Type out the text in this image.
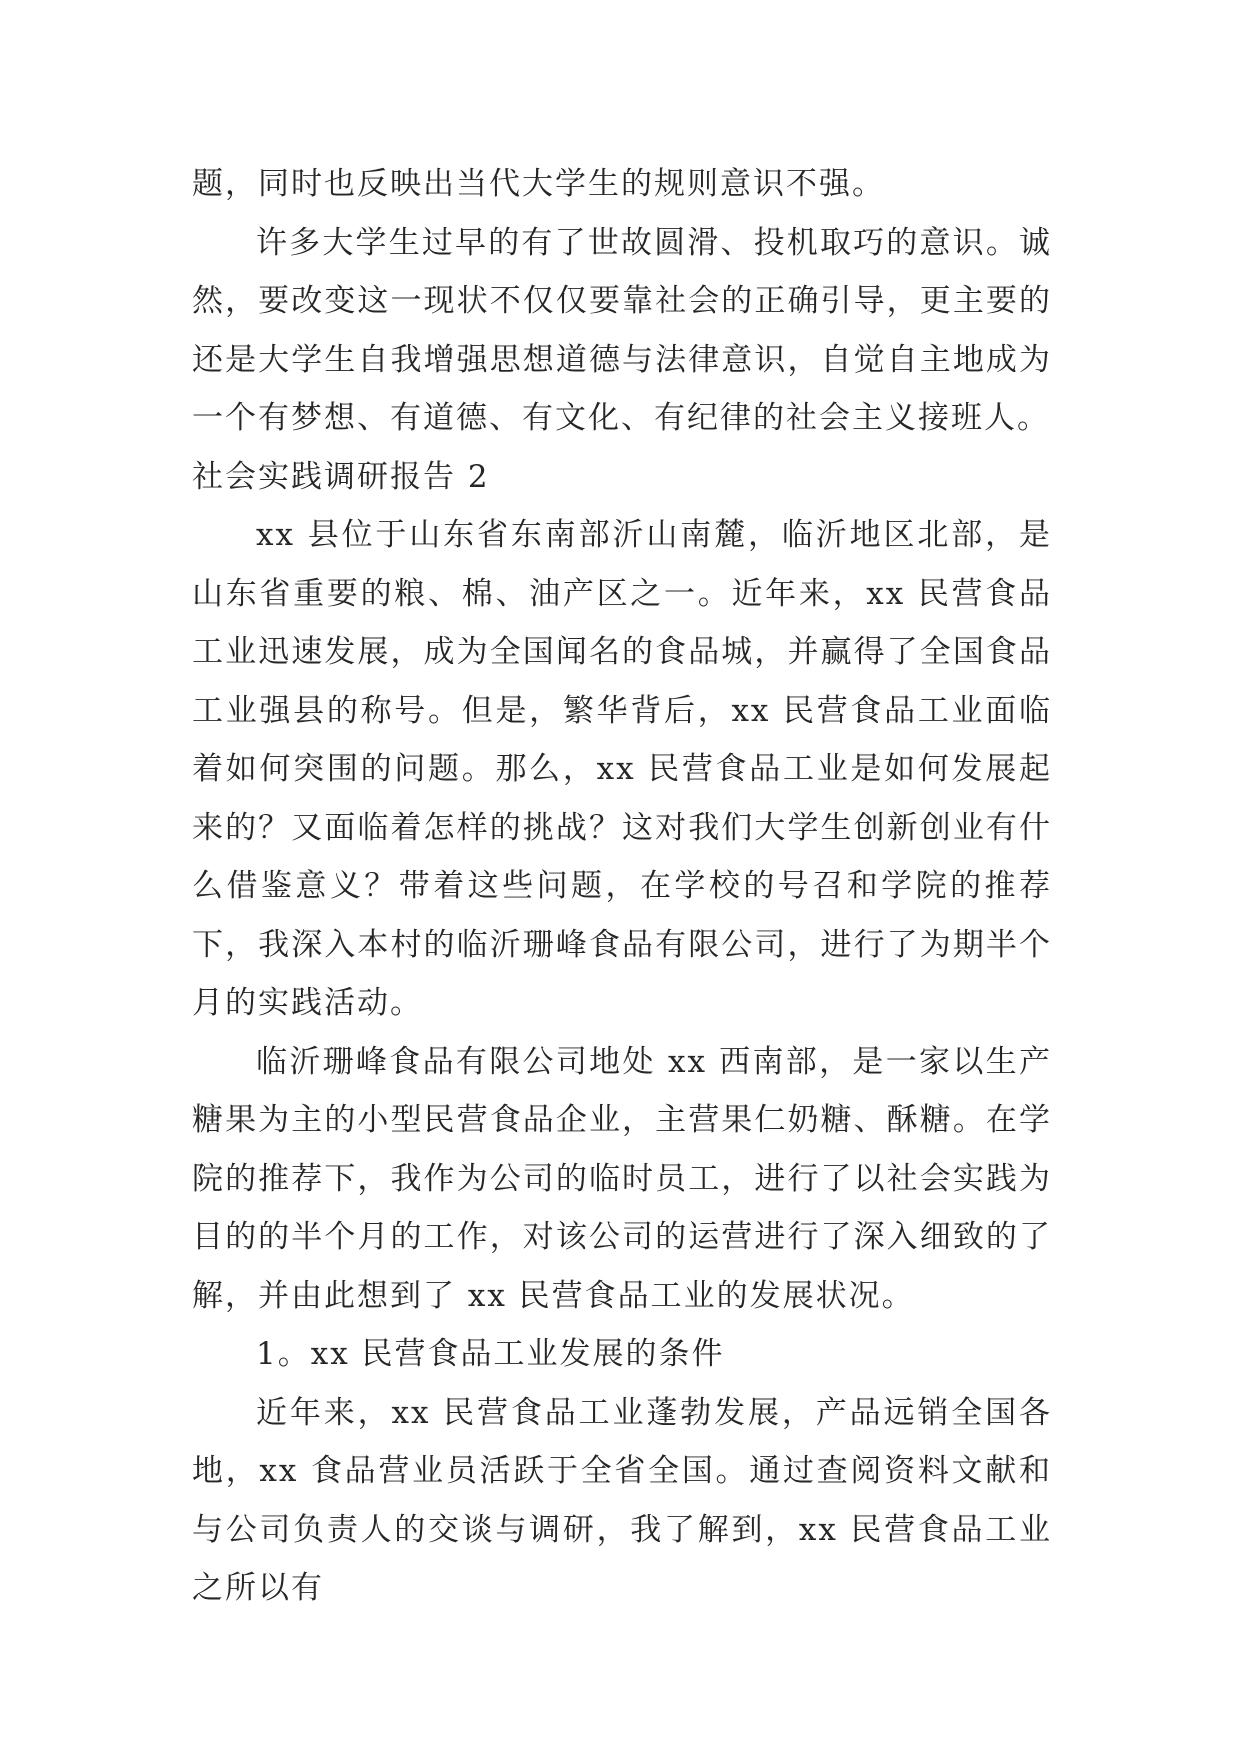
题，同时也反映出当代大学生的规则意识不强。

许多大学生过早的有了世故圆滑、投机取巧的意识。诚然，要改变这一现状不仅仅要靠社会的正确引导，更主要的还是大学生自我增强思想道德与法律意识，自觉自主地成为一个有梦想、有道德、有文化、有纪律的社会主义接班人。

社会实践调研报告 2

xx 县位于山东省东南部沂山南麓，临沂地区北部，是山东省重要的粮、棉、油产区之一。近年来，xx 民营食品工业迅速发展，成为全国闻名的食品城，并赢得了全国食品工业强县的称号。但是，繁华背后，xx 民营食品工业面临着如何突围的问题。那么，xx 民营食品工业是如何发展起来的？又面临着怎样的挑战？这对我们大学生创新创业有什么借鉴意义？带着这些问题，在学校的号召和学院的推荐下，我深入本村的临沂珊峰食品有限公司，进行了为期半个月的实践活动。

临沂珊峰食品有限公司地处 xx 西南部，是一家以生产糖果为主的小型民营食品企业，主营果仁奶糖、酥糖。在学院的推荐下，我作为公司的临时员工，进行了以社会实践为目的的半个月的工作，对该公司的运营进行了深入细致的了解，并由此想到了 xx 民营食品工业的发展状况。

1。xx 民营食品工业发展的条件

近年来，xx 民营食品工业蓬勃发展，产品远销全国各地，xx 食品营业员活跃于全省全国。通过查阅资料文献和与公司负责人的交谈与调研，我了解到，xx 民营食品工业之所以有
